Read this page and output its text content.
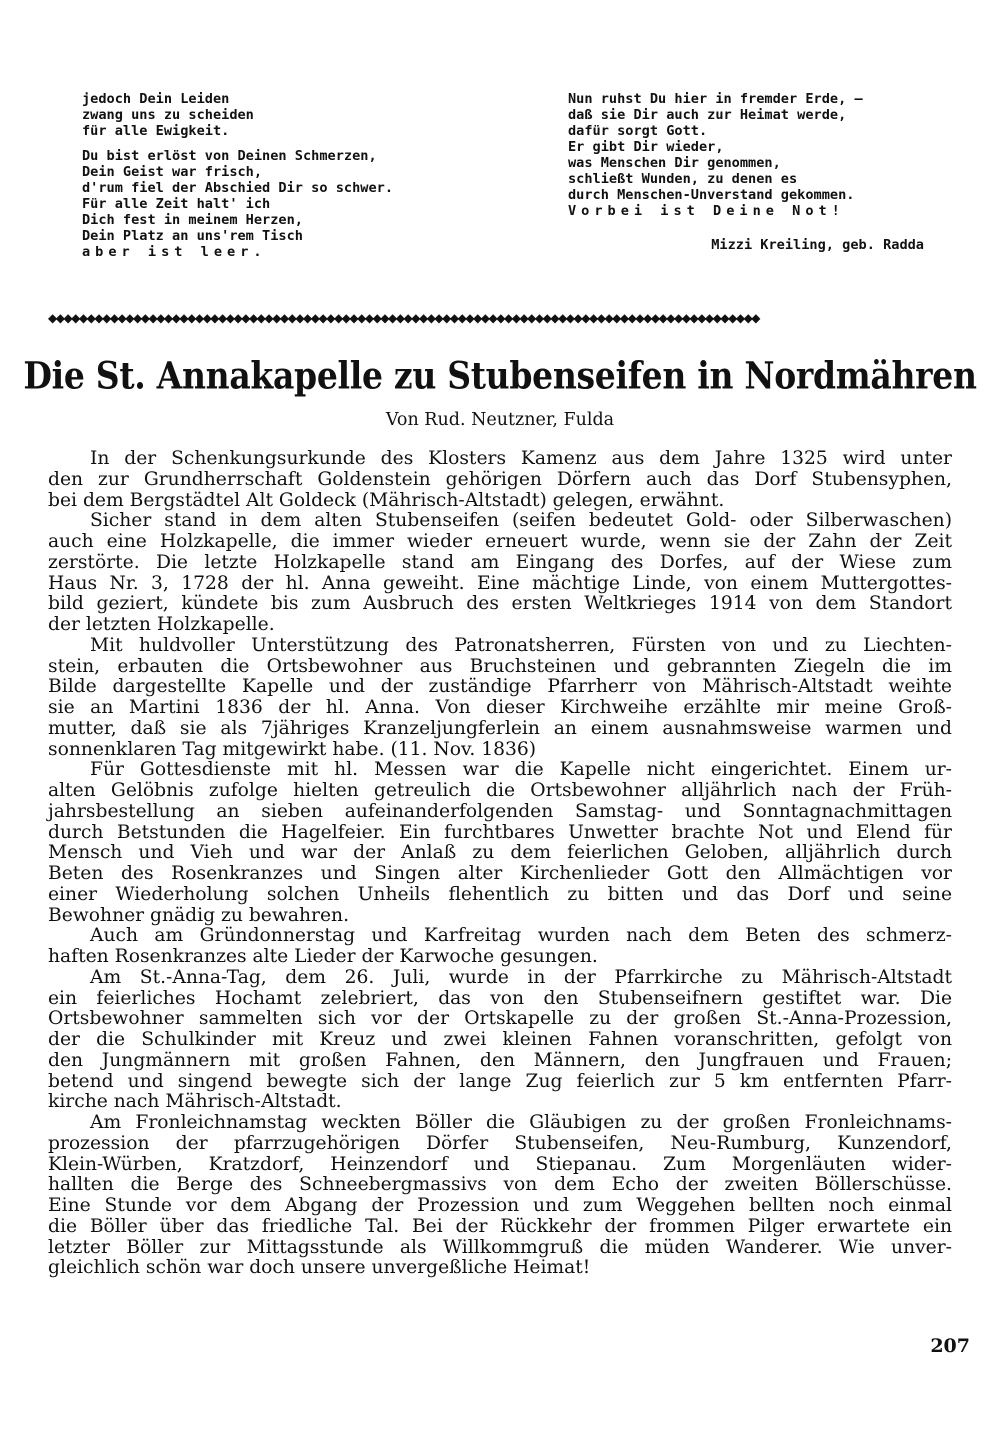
jedoch Dein Leiden
zwang uns zu scheiden
für alle Ewigkeit.
Du bist erlöst von Deinen Schmerzen,
Dein Geist war frisch,
d'rum fiel der Abschied Dir so schwer.
Für alle Zeit halt' ich
Dich fest in meinem Herzen,
Dein Platz an uns'rem Tisch
aber ist leer.
Nun ruhst Du hier in fremder Erde, —
daß sie Dir auch zur Heimat werde,
dafür sorgt Gott.
Er gibt Dir wieder,
was Menschen Dir genommen,
schließt Wunden, zu denen es
durch Menschen-Unverstand gekommen.
Vorbei ist Deine Not!
Mizzi Kreiling, geb. Radda
◆◆◆◆◆◆◆◆◆◆◆◆◆◆◆◆◆◆◆◆◆◆◆◆◆◆◆◆◆◆◆◆◆◆◆◆◆◆◆◆◆◆◆◆◆◆◆◆◆◆◆◆◆◆◆◆◆◆◆◆◆◆◆◆◆◆◆◆◆◆◆◆◆◆◆◆◆◆◆◆◆◆◆◆◆◆◆◆◆◆◆◆
Die St. Annakapelle zu Stubenseifen in Nordmähren

Von Rud. Neutzner, Fulda

In der Schenkungsurkunde des Klosters Kamenz aus dem Jahre 1325 wird unter
den zur Grundherrschaft Goldenstein gehörigen Dörfern auch das Dorf Stubensyphen,
bei dem Bergstädtel Alt Goldeck (Mährisch-Altstadt) gelegen, erwähnt.
Sicher stand in dem alten Stubenseifen (seifen bedeutet Gold- oder Silberwaschen)
auch eine Holzkapelle, die immer wieder erneuert wurde, wenn sie der Zahn der Zeit
zerstörte. Die letzte Holzkapelle stand am Eingang des Dorfes, auf der Wiese zum
Haus Nr. 3, 1728 der hl. Anna geweiht. Eine mächtige Linde, von einem Muttergottes-
bild geziert, kündete bis zum Ausbruch des ersten Weltkrieges 1914 von dem Standort
der letzten Holzkapelle.
Mit huldvoller Unterstützung des Patronatsherren, Fürsten von und zu Liechten-
stein, erbauten die Ortsbewohner aus Bruchsteinen und gebrannten Ziegeln die im
Bilde dargestellte Kapelle und der zuständige Pfarrherr von Mährisch-Altstadt weihte
sie an Martini 1836 der hl. Anna. Von dieser Kirchweihe erzählte mir meine Groß-
mutter, daß sie als 7jähriges Kranzeljungferlein an einem ausnahmsweise warmen und
sonnenklaren Tag mitgewirkt habe. (11. Nov. 1836)
Für Gottesdienste mit hl. Messen war die Kapelle nicht eingerichtet. Einem ur-
alten Gelöbnis zufolge hielten getreulich die Ortsbewohner alljährlich nach der Früh-
jahrsbestellung an sieben aufeinanderfolgenden Samstag- und Sonntagnachmittagen
durch Betstunden die Hagelfeier. Ein furchtbares Unwetter brachte Not und Elend für
Mensch und Vieh und war der Anlaß zu dem feierlichen Geloben, alljährlich durch
Beten des Rosenkranzes und Singen alter Kirchenlieder Gott den Allmächtigen vor
einer Wiederholung solchen Unheils flehentlich zu bitten und das Dorf und seine
Bewohner gnädig zu bewahren.
Auch am Gründonnerstag und Karfreitag wurden nach dem Beten des schmerz-
haften Rosenkranzes alte Lieder der Karwoche gesungen.
Am St.-Anna-Tag, dem 26. Juli, wurde in der Pfarrkirche zu Mährisch-Altstadt
ein feierliches Hochamt zelebriert, das von den Stubenseifnern gestiftet war. Die
Ortsbewohner sammelten sich vor der Ortskapelle zu der großen St.-Anna-Prozession,
der die Schulkinder mit Kreuz und zwei kleinen Fahnen voranschritten, gefolgt von
den Jungmännern mit großen Fahnen, den Männern, den Jungfrauen und Frauen;
betend und singend bewegte sich der lange Zug feierlich zur 5 km entfernten Pfarr-
kirche nach Mährisch-Altstadt.
Am Fronleichnamstag weckten Böller die Gläubigen zu der großen Fronleichnams-
prozession der pfarrzugehörigen Dörfer Stubenseifen, Neu-Rumburg, Kunzendorf,
Klein-Würben, Kratzdorf, Heinzendorf und Stiepanau. Zum Morgenläuten wider-
hallten die Berge des Schneebergmassivs von dem Echo der zweiten Böllerschüsse.
Eine Stunde vor dem Abgang der Prozession und zum Weggehen bellten noch einmal
die Böller über das friedliche Tal. Bei der Rückkehr der frommen Pilger erwartete ein
letzter Böller zur Mittagsstunde als Willkommgruß die müden Wanderer. Wie unver-
gleichlich schön war doch unsere unvergeßliche Heimat!

207
